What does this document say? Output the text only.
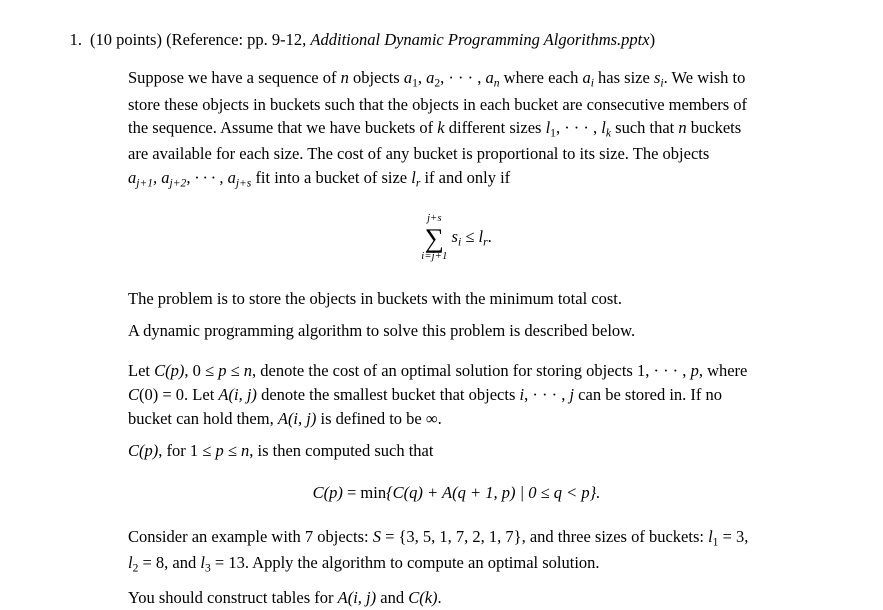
1. (10 points) (Reference: pp. 9-12, Additional Dynamic Programming Algorithms.pptx)
Suppose we have a sequence of n objects $a_1$, $a_2$, · · · , $a_n$ where each $a_i$ has size $s_i$. We wish to
store these objects in buckets such that the objects in each bucket are consecutive members of
the sequence. Assume that we have buckets of k different sizes $l_1$, · · · , $l_k$ such that n buckets
are available for each size. The cost of any bucket is proportional to its size. The objects
$a_{j+1}$, $a_{j+2}$, · · · , $a_{j+s}$ fit into a bucket of size $l_r$ if and only if
j+s
∑
i=j+1
$s_i \le l_r$.
The problem is to store the objects in buckets with the minimum total cost.
A dynamic programming algorithm to solve this problem is described below.
Let C(p), 0 ≤ p ≤ n, denote the cost of an optimal solution for storing objects 1, · · · , p, where
C(0) = 0. Let A(i, j) denote the smallest bucket that objects i, · · · , j can be stored in. If no
bucket can hold them, A(i, j) is defined to be ∞.
C(p), for 1 ≤ p ≤ n, is then computed such that
C(p) = min{C(q) + A(q + 1, p) | 0 ≤ q < p}.
Consider an example with 7 objects: S = {3, 5, 1, 7, 2, 1, 7}, and three sizes of buckets: $l_1 = 3$,
$l_2 = 8$, and $l_3 = 13$. Apply the algorithm to compute an optimal solution.
You should construct tables for A(i, j) and C(k).
